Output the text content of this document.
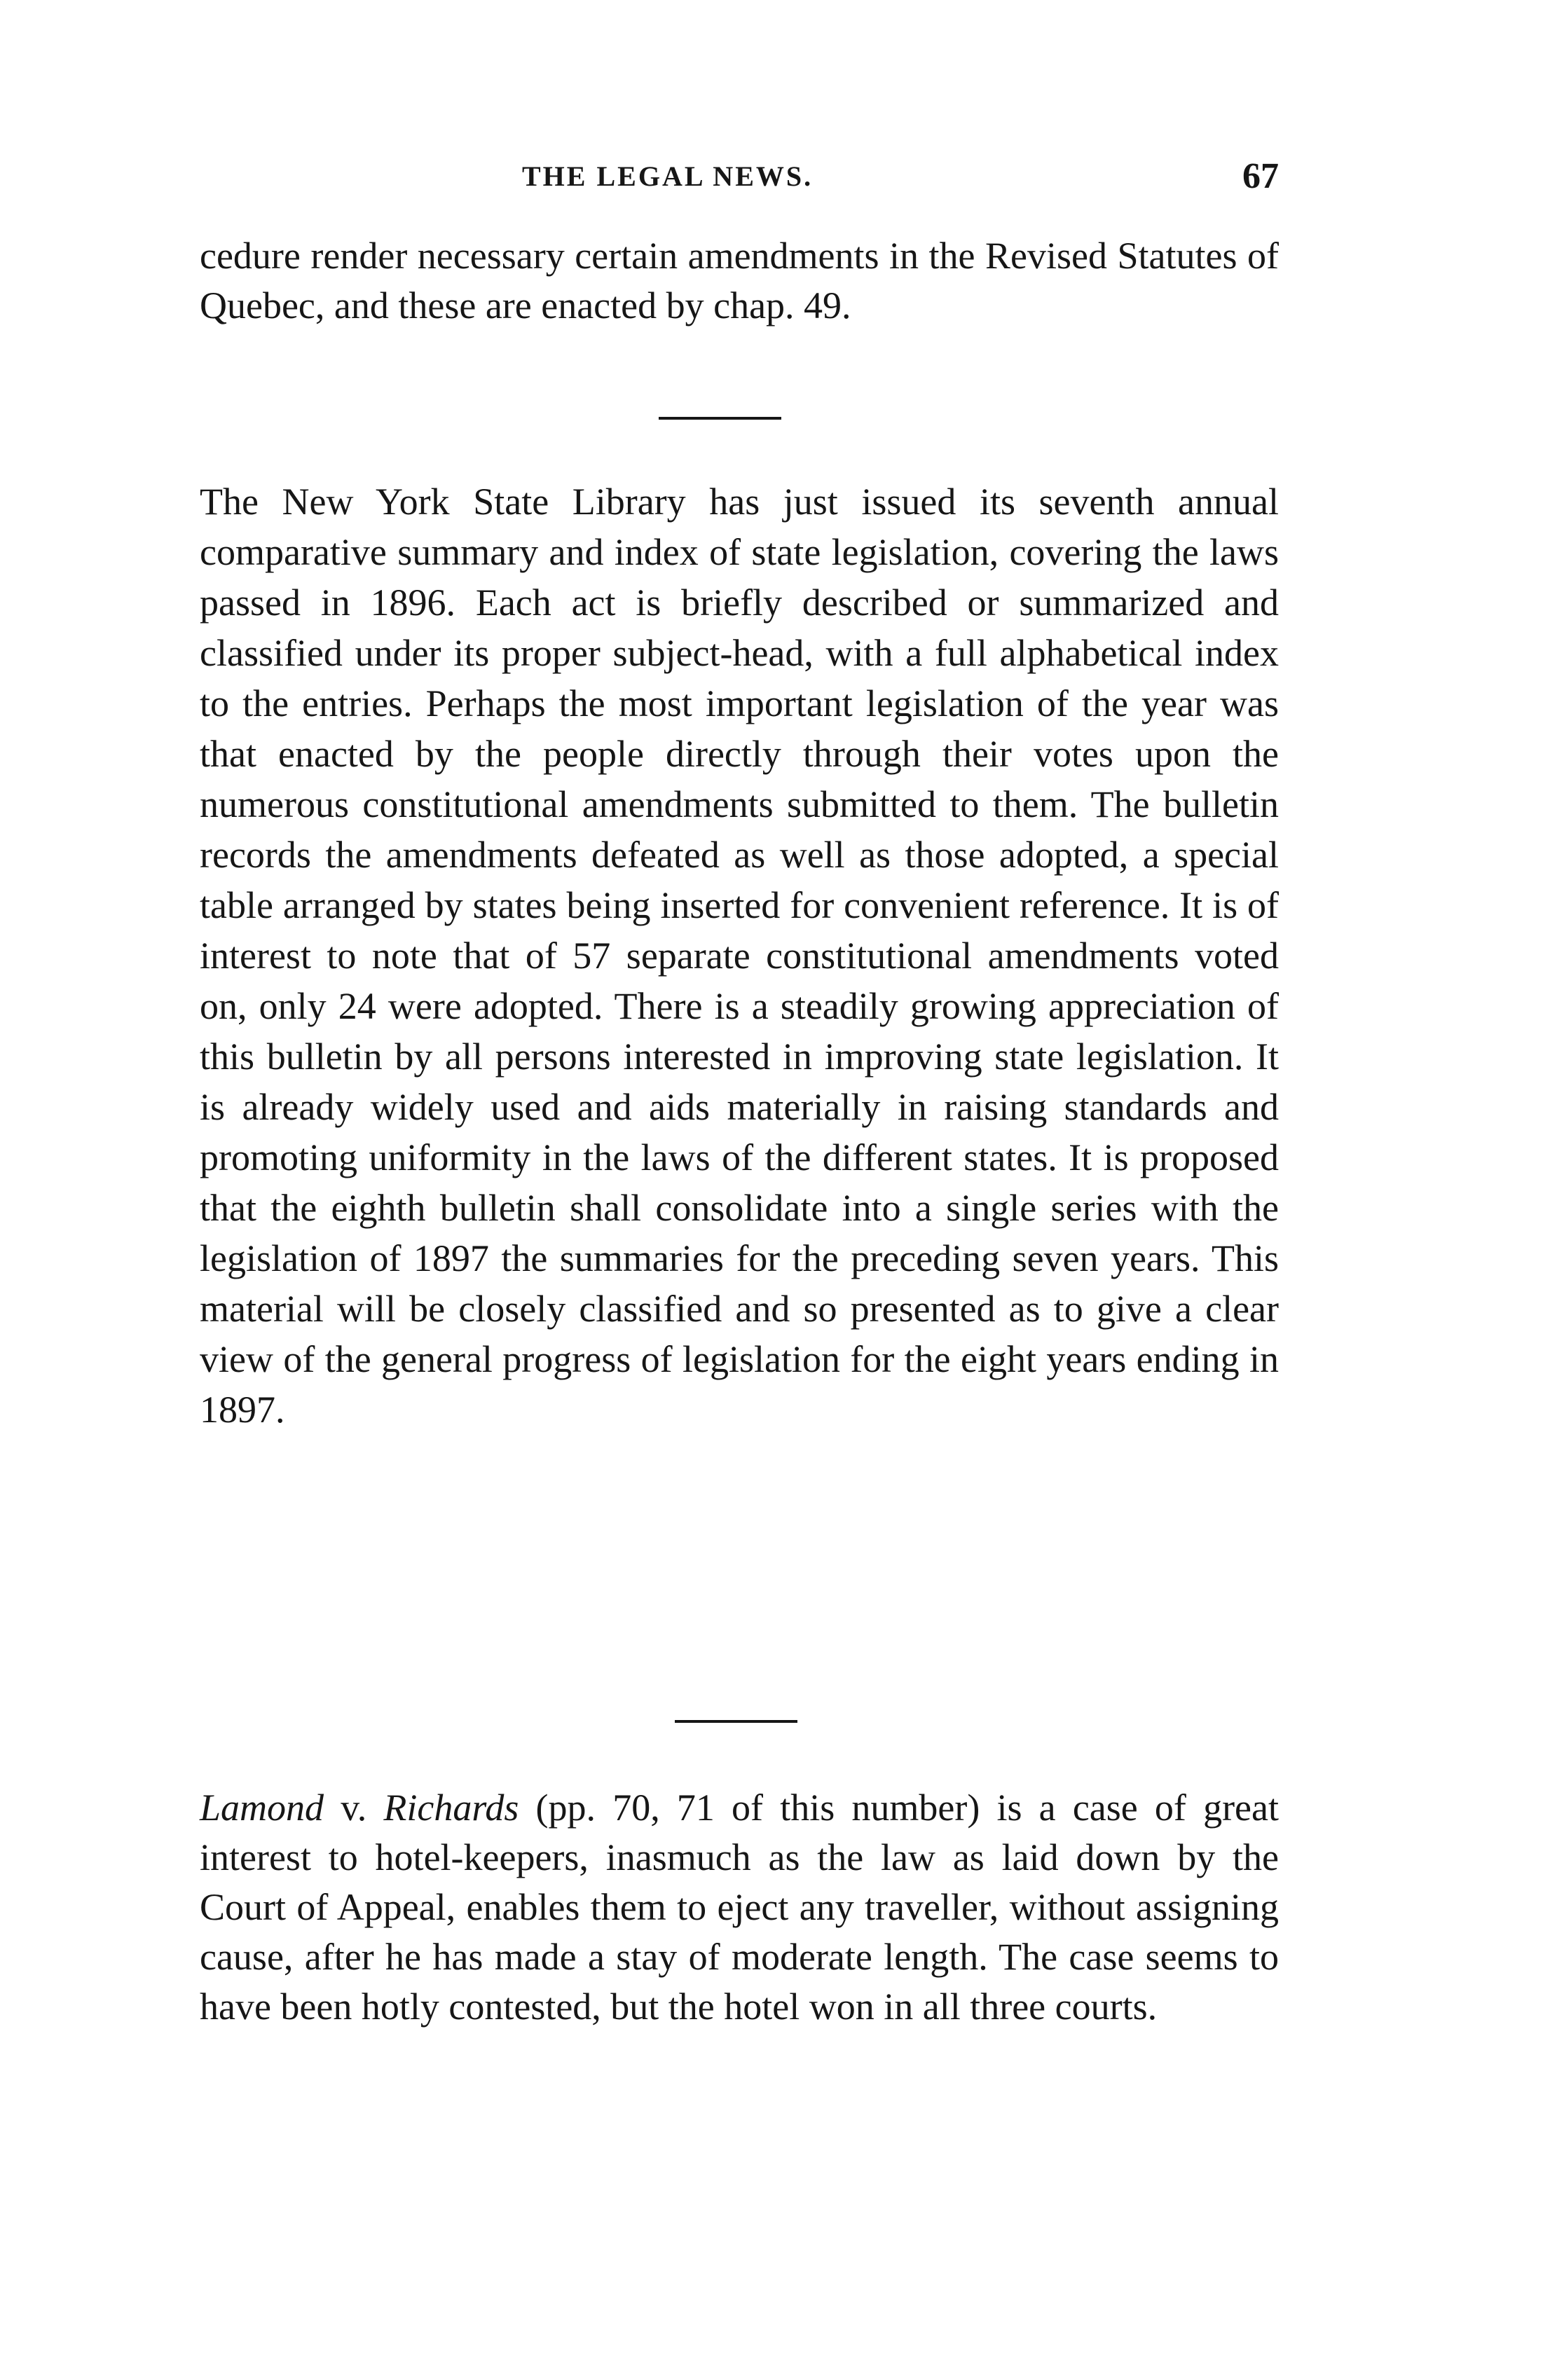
THE LEGAL NEWS.	67

cedure render necessary certain amendments in the Revised Statutes of Quebec, and these are enacted by chap. 49.

The New York State Library has just issued its seventh annual comparative summary and index of state legislation, covering the laws passed in 1896. Each act is briefly described or summarized and classified under its proper subject-head, with a full alphabetical index to the entries. Perhaps the most important legislation of the year was that enacted by the people directly through their votes upon the numerous constitutional amendments submitted to them. The bulletin records the amendments defeated as well as those adopted, a special table arranged by states being inserted for convenient reference. It is of interest to note that of 57 separate constitutional amendments voted on, only 24 were adopted. There is a steadily growing appreciation of this bulletin by all persons interested in improving state legislation. It is already widely used and aids materially in raising standards and promoting uniformity in the laws of the different states. It is proposed that the eighth bulletin shall consolidate into a single series with the legislation of 1897 the summaries for the preceding seven years. This material will be closely classified and so presented as to give a clear view of the general progress of legislation for the eight years ending in 1897.

Lamond v. Richards (pp. 70, 71 of this number) is a case of great interest to hotel-keepers, inasmuch as the law as laid down by the Court of Appeal, enables them to eject any traveller, without assigning cause, after he has made a stay of moderate length. The case seems to have been hotly contested, but the hotel won in all three courts.
